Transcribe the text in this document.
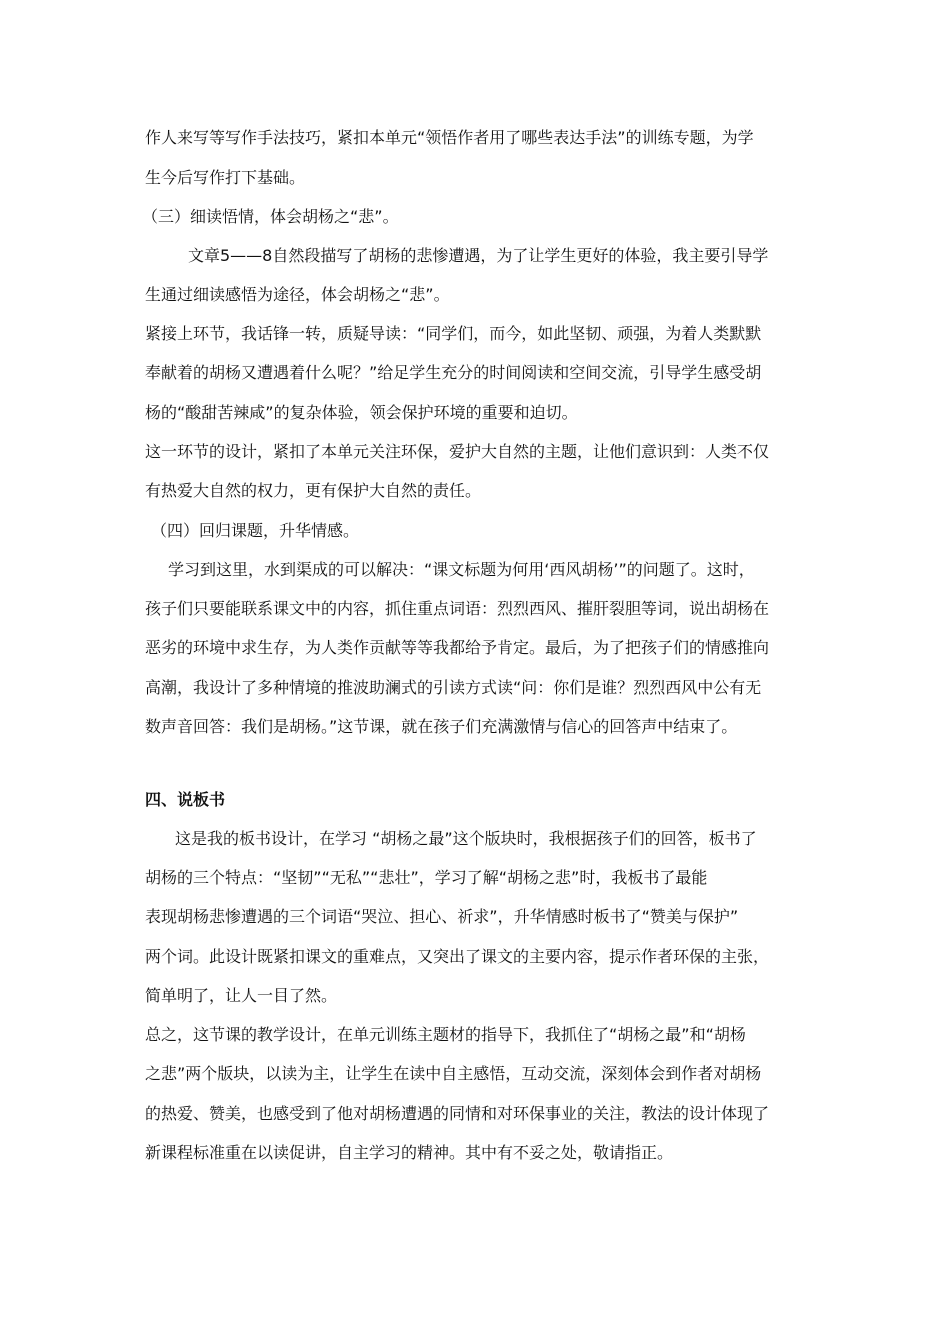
作人来写等写作手法技巧，紧扣本单元“领悟作者用了哪些表达手法”的训练专题，为学
生今后写作打下基础。
（三）细读悟情，体会胡杨之“悲”。
文章5——8自然段描写了胡杨的悲惨遭遇，为了让学生更好的体验，我主要引导学
生通过细读感悟为途径，体会胡杨之“悲”。
紧接上环节，我话锋一转，质疑导读：“同学们，而今，如此坚韧、顽强，为着人类默默
奉献着的胡杨又遭遇着什么呢？”给足学生充分的时间阅读和空间交流，引导学生感受胡
杨的“酸甜苦辣咸”的复杂体验，领会保护环境的重要和迫切。
这一环节的设计，紧扣了本单元关注环保，爱护大自然的主题，让他们意识到：人类不仅
有热爱大自然的权力，更有保护大自然的责任。
（四）回归课题，升华情感。
学习到这里，水到渠成的可以解决：“课文标题为何用‘西风胡杨’”的问题了。这时，
孩子们只要能联系课文中的内容，抓住重点词语：烈烈西风、摧肝裂胆等词，说出胡杨在
恶劣的环境中求生存，为人类作贡献等等我都给予肯定。最后，为了把孩子们的情感推向
高潮，我设计了多种情境的推波助澜式的引读方式读“问：你们是谁？烈烈西风中公有无
数声音回答：我们是胡杨。”这节课，就在孩子们充满激情与信心的回答声中结束了。
四、说板书
这是我的板书设计，在学习 “胡杨之最”这个版块时，我根据孩子们的回答，板书了
胡杨的三个特点：“坚韧”“无私”“悲壮”，学习了解“胡杨之悲”时，我板书了最能
表现胡杨悲惨遭遇的三个词语“哭泣、担心、祈求”，升华情感时板书了“赞美与保护”
两个词。此设计既紧扣课文的重难点，又突出了课文的主要内容，提示作者环保的主张，
简单明了，让人一目了然。
总之，这节课的教学设计，在单元训练主题材的指导下，我抓住了“胡杨之最”和“胡杨
之悲”两个版块，以读为主，让学生在读中自主感悟，互动交流，深刻体会到作者对胡杨
的热爱、赞美，也感受到了他对胡杨遭遇的同情和对环保事业的关注，教法的设计体现了
新课程标准重在以读促讲，自主学习的精神。其中有不妥之处，敬请指正。
